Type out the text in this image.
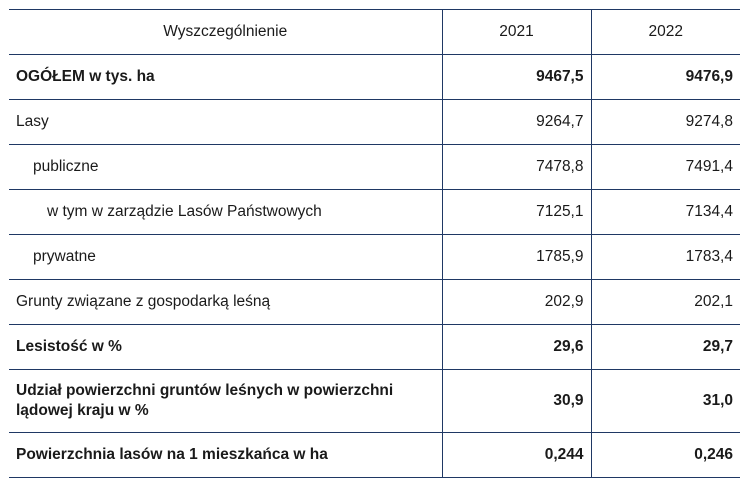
Wyszczególnienie	2021	2022
OGÓŁEM w tys. ha	9467,5	9476,9
Lasy	9264,7	9274,8
publiczne	7478,8	7491,4
w tym w zarządzie Lasów Państwowych	7125,1	7134,4
prywatne	1785,9	1783,4
Grunty związane z gospodarką leśną	202,9	202,1
Lesistość w %	29,6	29,7
Udział powierzchni gruntów leśnych w powierzchni lądowej kraju w %	30,9	31,0
Powierzchnia lasów na 1 mieszkańca w ha	0,244	0,246
